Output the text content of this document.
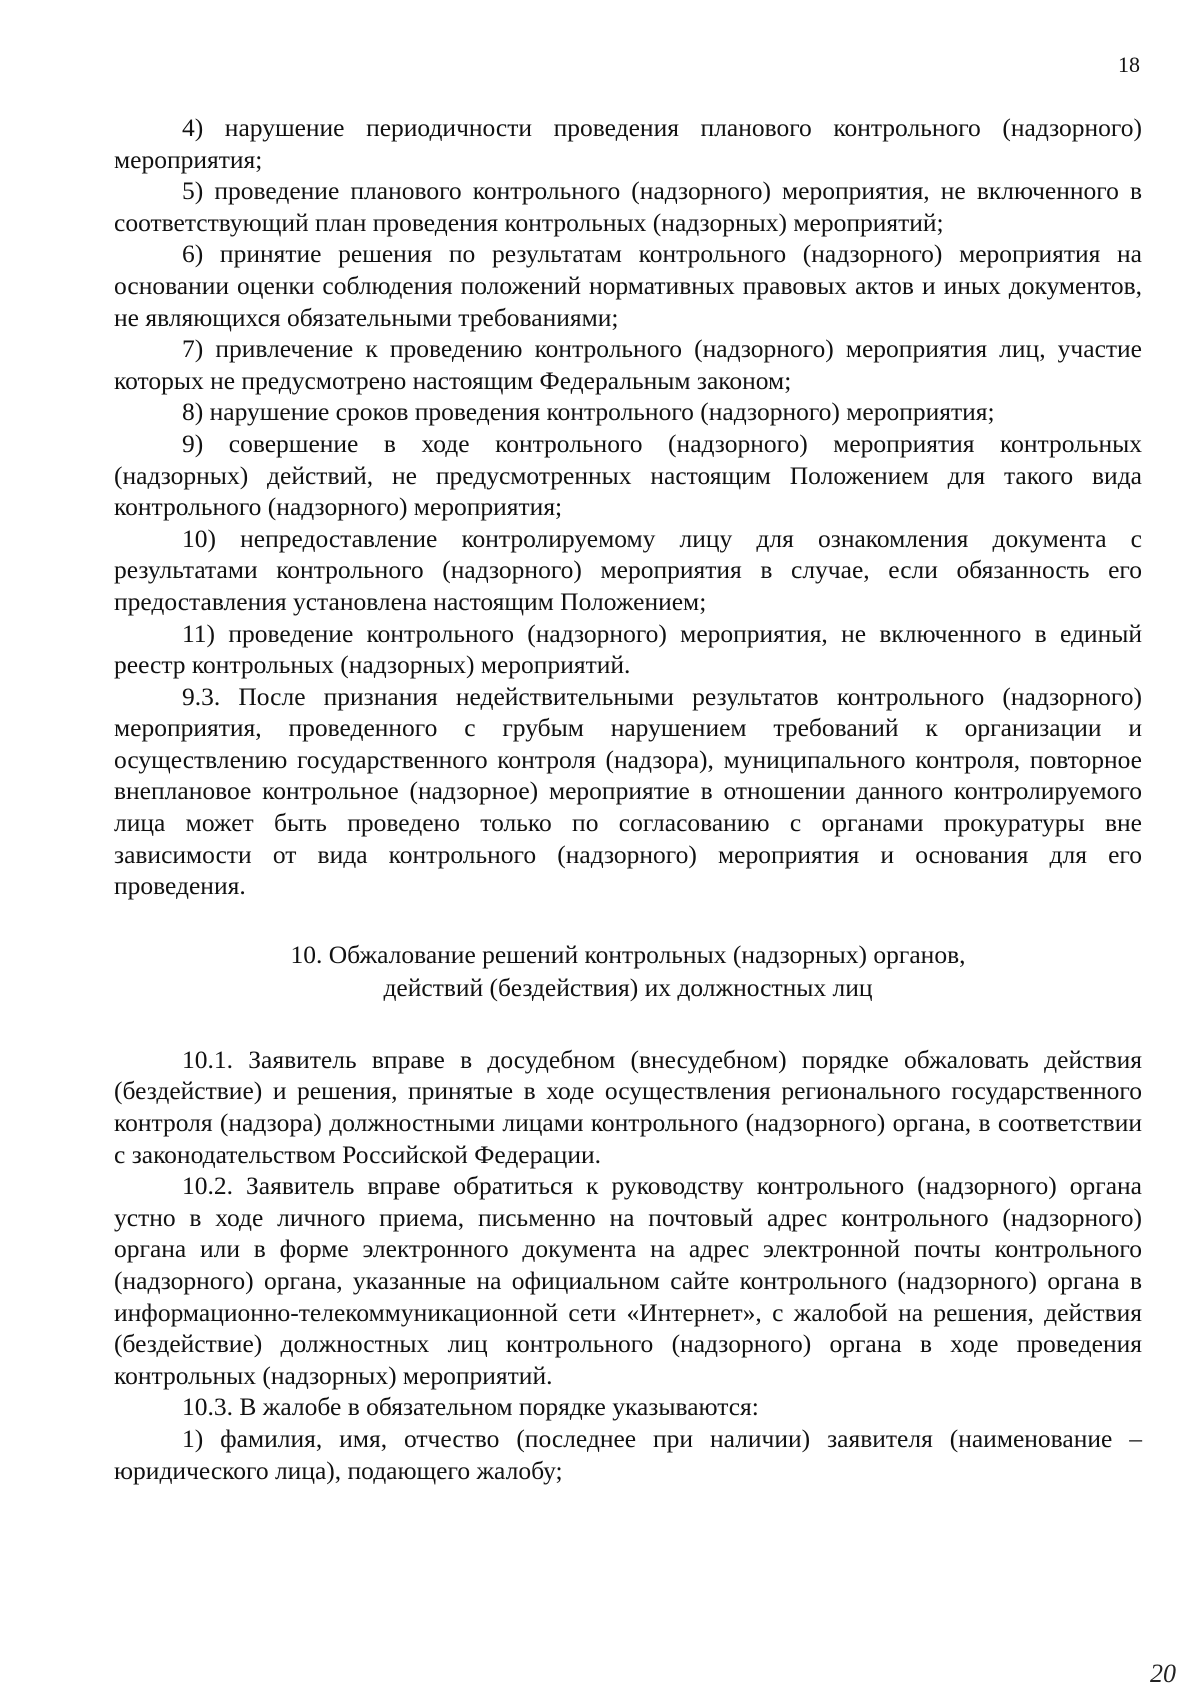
18

4) нарушение периодичности проведения планового контрольного (надзорного) мероприятия;

5) проведение планового контрольного (надзорного) мероприятия, не включенного в соответствующий план проведения контрольных (надзорных) мероприятий;

6) принятие решения по результатам контрольного (надзорного) мероприятия на основании оценки соблюдения положений нормативных правовых актов и иных документов, не являющихся обязательными требованиями;

7) привлечение к проведению контрольного (надзорного) мероприятия лиц, участие которых не предусмотрено настоящим Федеральным законом;

8) нарушение сроков проведения контрольного (надзорного) мероприятия;

9) совершение в ходе контрольного (надзорного) мероприятия контрольных (надзорных) действий, не предусмотренных настоящим Положением для такого вида контрольного (надзорного) мероприятия;

10) непредоставление контролируемому лицу для ознакомления документа с результатами контрольного (надзорного) мероприятия в случае, если обязанность его предоставления установлена настоящим Положением;

11) проведение контрольного (надзорного) мероприятия, не включенного в единый реестр контрольных (надзорных) мероприятий.

9.3. После признания недействительными результатов контрольного (надзорного) мероприятия, проведенного с грубым нарушением требований к организации и осуществлению государственного контроля (надзора), муниципального контроля, повторное внеплановое контрольное (надзорное) мероприятие в отношении данного контролируемого лица может быть проведено только по согласованию с органами прокуратуры вне зависимости от вида контрольного (надзорного) мероприятия и основания для его проведения.

10. Обжалование решений контрольных (надзорных) органов,
действий (бездействия) их должностных лиц

10.1. Заявитель вправе в досудебном (внесудебном) порядке обжаловать действия (бездействие) и решения, принятые в ходе осуществления регионального государственного контроля (надзора) должностными лицами контрольного (надзорного) органа, в соответствии с законодательством Российской Федерации.

10.2. Заявитель вправе обратиться к руководству контрольного (надзорного) органа устно в ходе личного приема, письменно на почтовый адрес контрольного (надзорного) органа или в форме электронного документа на адрес электронной почты контрольного (надзорного) органа, указанные на официальном сайте контрольного (надзорного) органа в информационно-телекоммуникационной сети «Интернет», с жалобой на решения, действия (бездействие) должностных лиц контрольного (надзорного) органа в ходе проведения контрольных (надзорных) мероприятий.

10.3. В жалобе в обязательном порядке указываются:

1) фамилия, имя, отчество (последнее при наличии) заявителя (наименование – юридического лица), подающего жалобу;

20
